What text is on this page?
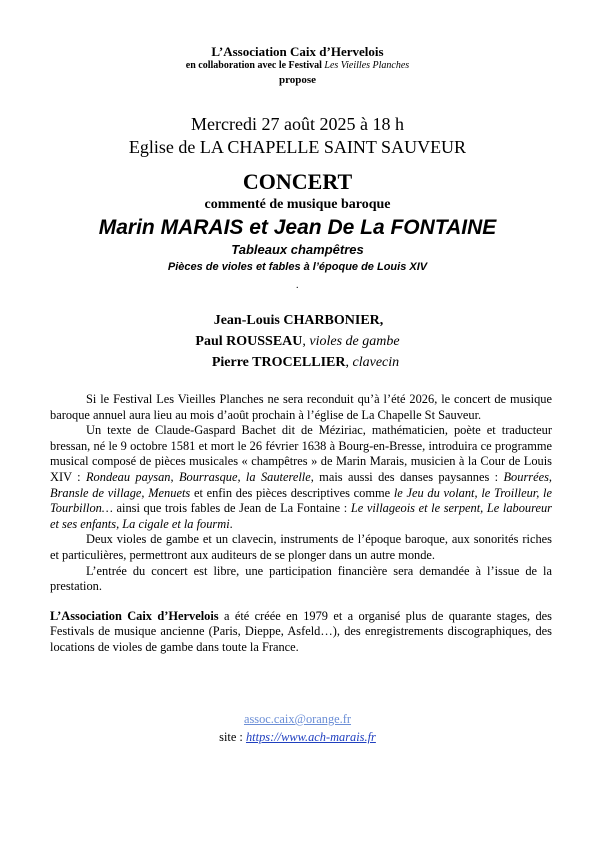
L’Association Caix d’Hervelois
en collaboration avec le Festival Les Vieilles Planches
propose
Mercredi 27 août 2025 à 18 h
Eglise de LA CHAPELLE SAINT SAUVEUR
CONCERT
commenté de musique baroque
Marin MARAIS et Jean De La FONTAINE
Tableaux champêtres
Pièces de violes et fables à l’époque de Louis XIV
.
Jean-Louis CHARBONIER,
Paul ROUSSEAU, violes de gambe
Pierre TROCELLIER, clavecin

Si le Festival Les Vieilles Planches ne sera reconduit qu’à l’été 2026, le concert de musique baroque annuel aura lieu au mois d’août prochain à l’église de La Chapelle St Sauveur.

Un texte de Claude-Gaspard Bachet dit de Méziriac, mathématicien, poète et traducteur bressan, né le 9 octobre 1581 et mort le 26 février 1638 à Bourg-en-Bresse, introduira ce programme musical composé de pièces musicales « champêtres » de Marin Marais, musicien à la Cour de Louis XIV : Rondeau paysan, Bourrasque, la Sauterelle, mais aussi des danses paysannes : Bourrées, Bransle de village, Menuets et enfin des pièces descriptives comme le Jeu du volant, le Troilleur, le Tourbillon… ainsi que trois fables de Jean de La Fontaine : Le villageois et le serpent, Le laboureur et ses enfants, La cigale et la fourmi.

Deux violes de gambe et un clavecin, instruments de l’époque baroque, aux sonorités riches et particulières, permettront aux auditeurs de se plonger dans un autre monde.

L’entrée du concert est libre, une participation financière sera demandée à l’issue de la prestation.

L’Association Caix d’Hervelois a été créée en 1979 et a organisé plus de quarante stages, des Festivals de musique ancienne (Paris, Dieppe, Asfeld…), des enregistrements discographiques, des locations de violes de gambe dans toute la France.

assoc.caix@orange.fr
site : https://www.ach-marais.fr
